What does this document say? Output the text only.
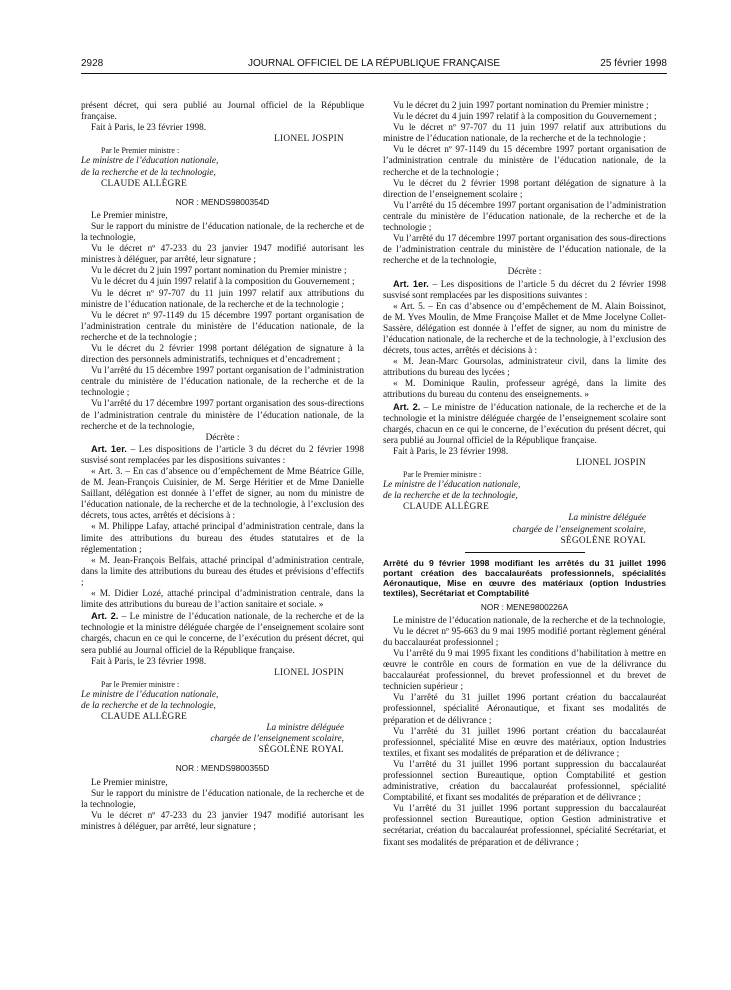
2928	JOURNAL OFFICIEL DE LA RÉPUBLIQUE FRANÇAISE	25 février 1998

présent décret, qui sera publié au Journal officiel de la République française.

Fait à Paris, le 23 février 1998.

LIONEL JOSPIN

Par le Premier ministre :

Le ministre de l’éducation nationale,

de la recherche et de la technologie,

CLAUDE ALLÈGRE

NOR : MENDS9800354D

Le Premier ministre,

Sur le rapport du ministre de l’éducation nationale, de la recherche et de la technologie,

Vu le décret nº 47-233 du 23 janvier 1947 modifié autorisant les ministres à déléguer, par arrêté, leur signature ;

Vu le décret du 2 juin 1997 portant nomination du Premier ministre ;

Vu le décret du 4 juin 1997 relatif à la composition du Gouvernement ;

Vu le décret nº 97-707 du 11 juin 1997 relatif aux attributions du ministre de l’éducation nationale, de la recherche et de la technologie ;

Vu le décret nº 97-1149 du 15 décembre 1997 portant organisation de l’administration centrale du ministère de l’éducation nationale, de la recherche et de la technologie ;

Vu le décret du 2 février 1998 portant délégation de signature à la direction des personnels administratifs, techniques et d’encadrement ;

Vu l’arrêté du 15 décembre 1997 portant organisation de l’administration centrale du ministère de l’éducation nationale, de la recherche et de la technologie ;

Vu l’arrêté du 17 décembre 1997 portant organisation des sous-directions de l’administration centrale du ministère de l’éducation nationale, de la recherche et de la technologie,

Décrète :

Art. 1er. – Les dispositions de l’article 3 du décret du 2 février 1998 susvisé sont remplacées par les dispositions suivantes :

« Art. 3. – En cas d’absence ou d’empêchement de Mme Béatrice Gille, de M. Jean-François Cuisinier, de M. Serge Héritier et de Mme Danielle Saillant, délégation est donnée à l’effet de signer, au nom du ministre de l’éducation nationale, de la recherche et de la technologie, à l’exclusion des décrets, tous actes, arrêtés et décisions à :

« M. Philippe Lafay, attaché principal d’administration centrale, dans la limite des attributions du bureau des études statutaires et de la réglementation ;

« M. Jean-François Belfais, attaché principal d’administration centrale, dans la limite des attributions du bureau des études et prévisions d’effectifs ;

« M. Didier Lozé, attaché principal d’administration centrale, dans la limite des attributions du bureau de l’action sanitaire et sociale. »

Art. 2. – Le ministre de l’éducation nationale, de la recherche et de la technologie et la ministre déléguée chargée de l’enseignement scolaire sont chargés, chacun en ce qui le concerne, de l’exécution du présent décret, qui sera publié au Journal officiel de la République française.

Fait à Paris, le 23 février 1998.

LIONEL JOSPIN

Par le Premier ministre :

Le ministre de l’éducation nationale,

de la recherche et de la technologie,

CLAUDE ALLÈGRE

La ministre déléguée

chargée de l’enseignement scolaire,

SÉGOLÈNE ROYAL

NOR : MENDS9800355D

Le Premier ministre,

Sur le rapport du ministre de l’éducation nationale, de la recherche et de la technologie,

Vu le décret nº 47-233 du 23 janvier 1947 modifié autorisant les ministres à déléguer, par arrêté, leur signature ;

Vu le décret du 2 juin 1997 portant nomination du Premier ministre ;

Vu le décret du 4 juin 1997 relatif à la composition du Gouvernement ;

Vu le décret nº 97-707 du 11 juin 1997 relatif aux attributions du ministre de l’éducation nationale, de la recherche et de la technologie ;

Vu le décret nº 97-1149 du 15 décembre 1997 portant organisation de l’administration centrale du ministère de l’éducation nationale, de la recherche et de la technologie ;

Vu le décret du 2 février 1998 portant délégation de signature à la direction de l’enseignement scolaire ;

Vu l’arrêté du 15 décembre 1997 portant organisation de l’administration centrale du ministère de l’éducation nationale, de la recherche et de la technologie ;

Vu l’arrêté du 17 décembre 1997 portant organisation des sous-directions de l’administration centrale du ministère de l’éducation nationale, de la recherche et de la technologie,

Décrète :

Art. 1er. – Les dispositions de l’article 5 du décret du 2 février 1998 susvisé sont remplacées par les dispositions suivantes :

« Art. 5. – En cas d’absence ou d’empêchement de M. Alain Boissinot, de M. Yves Moulin, de Mme Françoise Mallet et de Mme Jocelyne Collet-Sassère, délégation est donnée à l’effet de signer, au nom du ministre de l’éducation nationale, de la recherche et de la technologie, à l’exclusion des décrets, tous actes, arrêtés et décisions à :

« M. Jean-Marc Goursolas, administrateur civil, dans la limite des attributions du bureau des lycées ;

« M. Dominique Raulin, professeur agrégé, dans la limite des attributions du bureau du contenu des enseignements. »

Art. 2. – Le ministre de l’éducation nationale, de la recherche et de la technologie et la ministre déléguée chargée de l’enseignement scolaire sont chargés, chacun en ce qui le concerne, de l’exécution du présent décret, qui sera publié au Journal officiel de la République française.

Fait à Paris, le 23 février 1998.

LIONEL JOSPIN

Par le Premier ministre :

Le ministre de l’éducation nationale,

de la recherche et de la technologie,

CLAUDE ALLÈGRE

La ministre déléguée

chargée de l’enseignement scolaire,

SÉGOLÈNE ROYAL

Arrêté du 9 février 1998 modifiant les arrêtés du 31 juillet 1996 portant création des baccalauréats professionnels, spécialités Aéronautique, Mise en œuvre des matériaux (option Industries textiles), Secrétariat et Comptabilité

NOR : MENE9800226A

Le ministre de l’éducation nationale, de la recherche et de la technologie,

Vu le décret nº 95-663 du 9 mai 1995 modifié portant règlement général du baccalauréat professionnel ;

Vu l’arrêté du 9 mai 1995 fixant les conditions d’habilitation à mettre en œuvre le contrôle en cours de formation en vue de la délivrance du baccalauréat professionnel, du brevet professionnel et du brevet de technicien supérieur ;

Vu l’arrêté du 31 juillet 1996 portant création du baccalauréat professionnel, spécialité Aéronautique, et fixant ses modalités de préparation et de délivrance ;

Vu l’arrêté du 31 juillet 1996 portant création du baccalauréat professionnel, spécialité Mise en œuvre des matériaux, option Industries textiles, et fixant ses modalités de préparation et de délivrance ;

Vu l’arrêté du 31 juillet 1996 portant suppression du baccalauréat professionnel section Bureautique, option Comptabilité et gestion administrative, création du baccalauréat professionnel, spécialité Comptabilité, et fixant ses modalités de préparation et de délivrance ;

Vu l’arrêté du 31 juillet 1996 portant suppression du baccalauréat professionnel section Bureautique, option Gestion administrative et secrétariat, création du baccalauréat professionnel, spécialité Secrétariat, et fixant ses modalités de préparation et de délivrance ;
